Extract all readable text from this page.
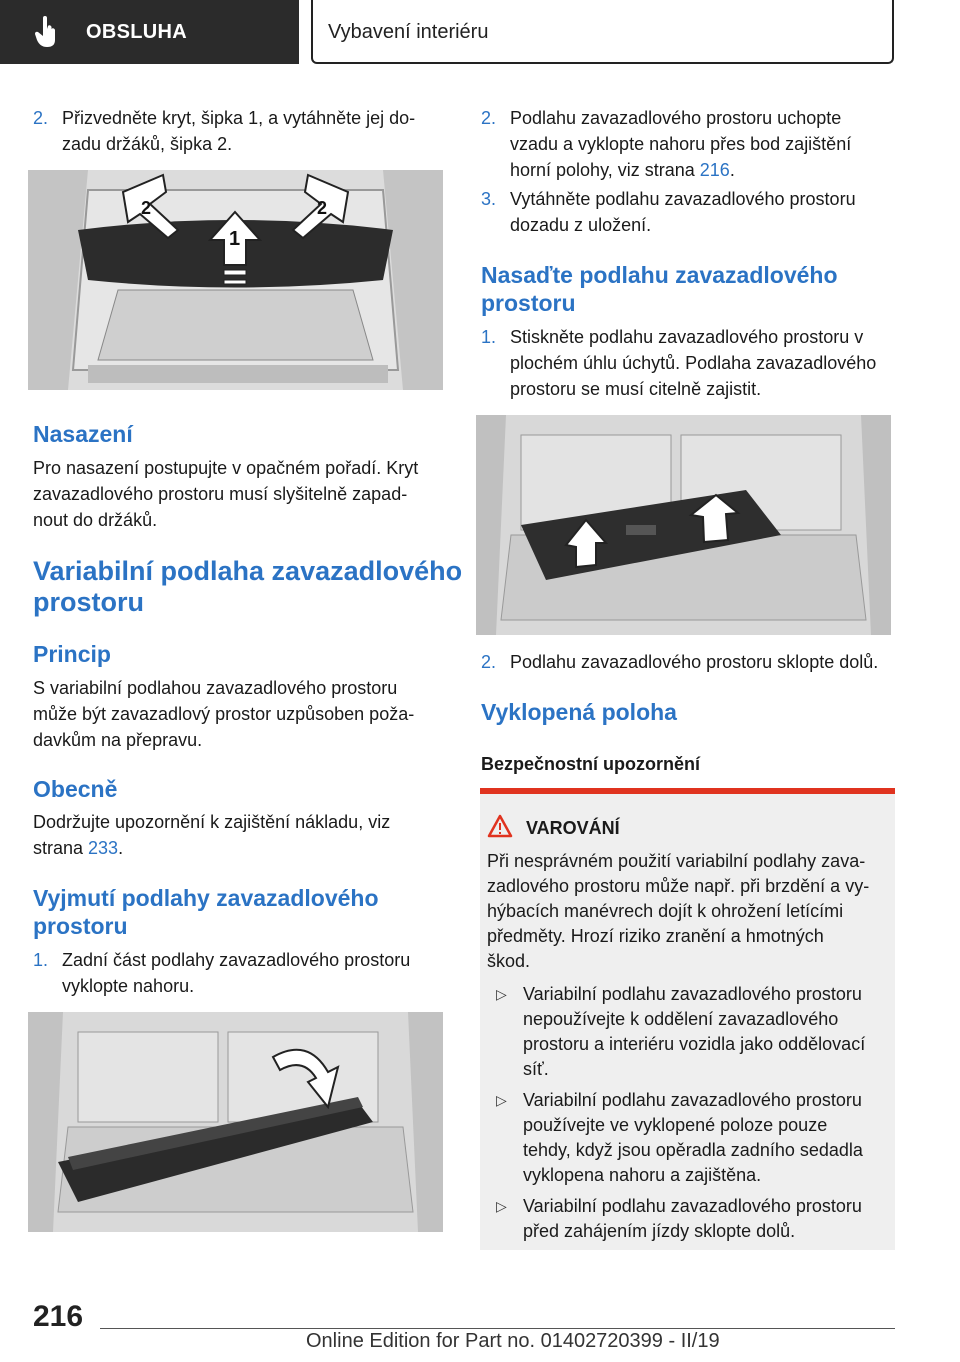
OBSLUHA	Vybavení interiéru
2. Přizvedněte kryt, šipka 1, a vytáhněte jej do‐
zadu držáků, šipka 2.
2
1
2
Nasazení
Pro nasazení postupujte v opačném pořadí. Kryt
zavazadlového prostoru musí slyšitelně zapad‐
nout do držáků.
Variabilní podlaha zavazadlového
prostoru
Princip
S variabilní podlahou zavazadlového prostoru
může být zavazadlový prostor uzpůsoben poža‐
davkům na přepravu.
Obecně
Dodržujte upozornění k zajištění nákladu, viz
strana 233.
Vyjmutí podlahy zavazadlového
prostoru
1. Zadní část podlahy zavazadlového prostoru
vyklopte nahoru.
2. Podlahu zavazadlového prostoru uchopte
vzadu a vyklopte nahoru přes bod zajištění
horní polohy, viz strana 216.
3. Vytáhněte podlahu zavazadlového prostoru
dozadu z uložení.
Nasaďte podlahu zavazadlového
prostoru
1. Stiskněte podlahu zavazadlového prostoru v
plochém úhlu úchytů. Podlaha zavazadlového
prostoru se musí citelně zajistit.
2. Podlahu zavazadlového prostoru sklopte dolů.
Vyklopená poloha
Bezpečnostní upozornění
VAROVÁNÍ
Při nesprávném použití variabilní podlahy zava‐
zadlového prostoru může např. při brzdění a vy‐
hýbacích manévrech dojít k ohrožení letícími
předměty. Hrozí riziko zranění a hmotných
škod.
▷ Variabilní podlahu zavazadlového prostoru
nepoužívejte k oddělení zavazadlového
prostoru a interiéru vozidla jako oddělovací
síť.
▷ Variabilní podlahu zavazadlového prostoru
používejte ve vyklopené poloze pouze
tehdy, když jsou opěradla zadního sedadla
vyklopena nahoru a zajištěna.
▷ Variabilní podlahu zavazadlového prostoru
před zahájením jízdy sklopte dolů.
216
Online Edition for Part no. 01402720399 - II/19
